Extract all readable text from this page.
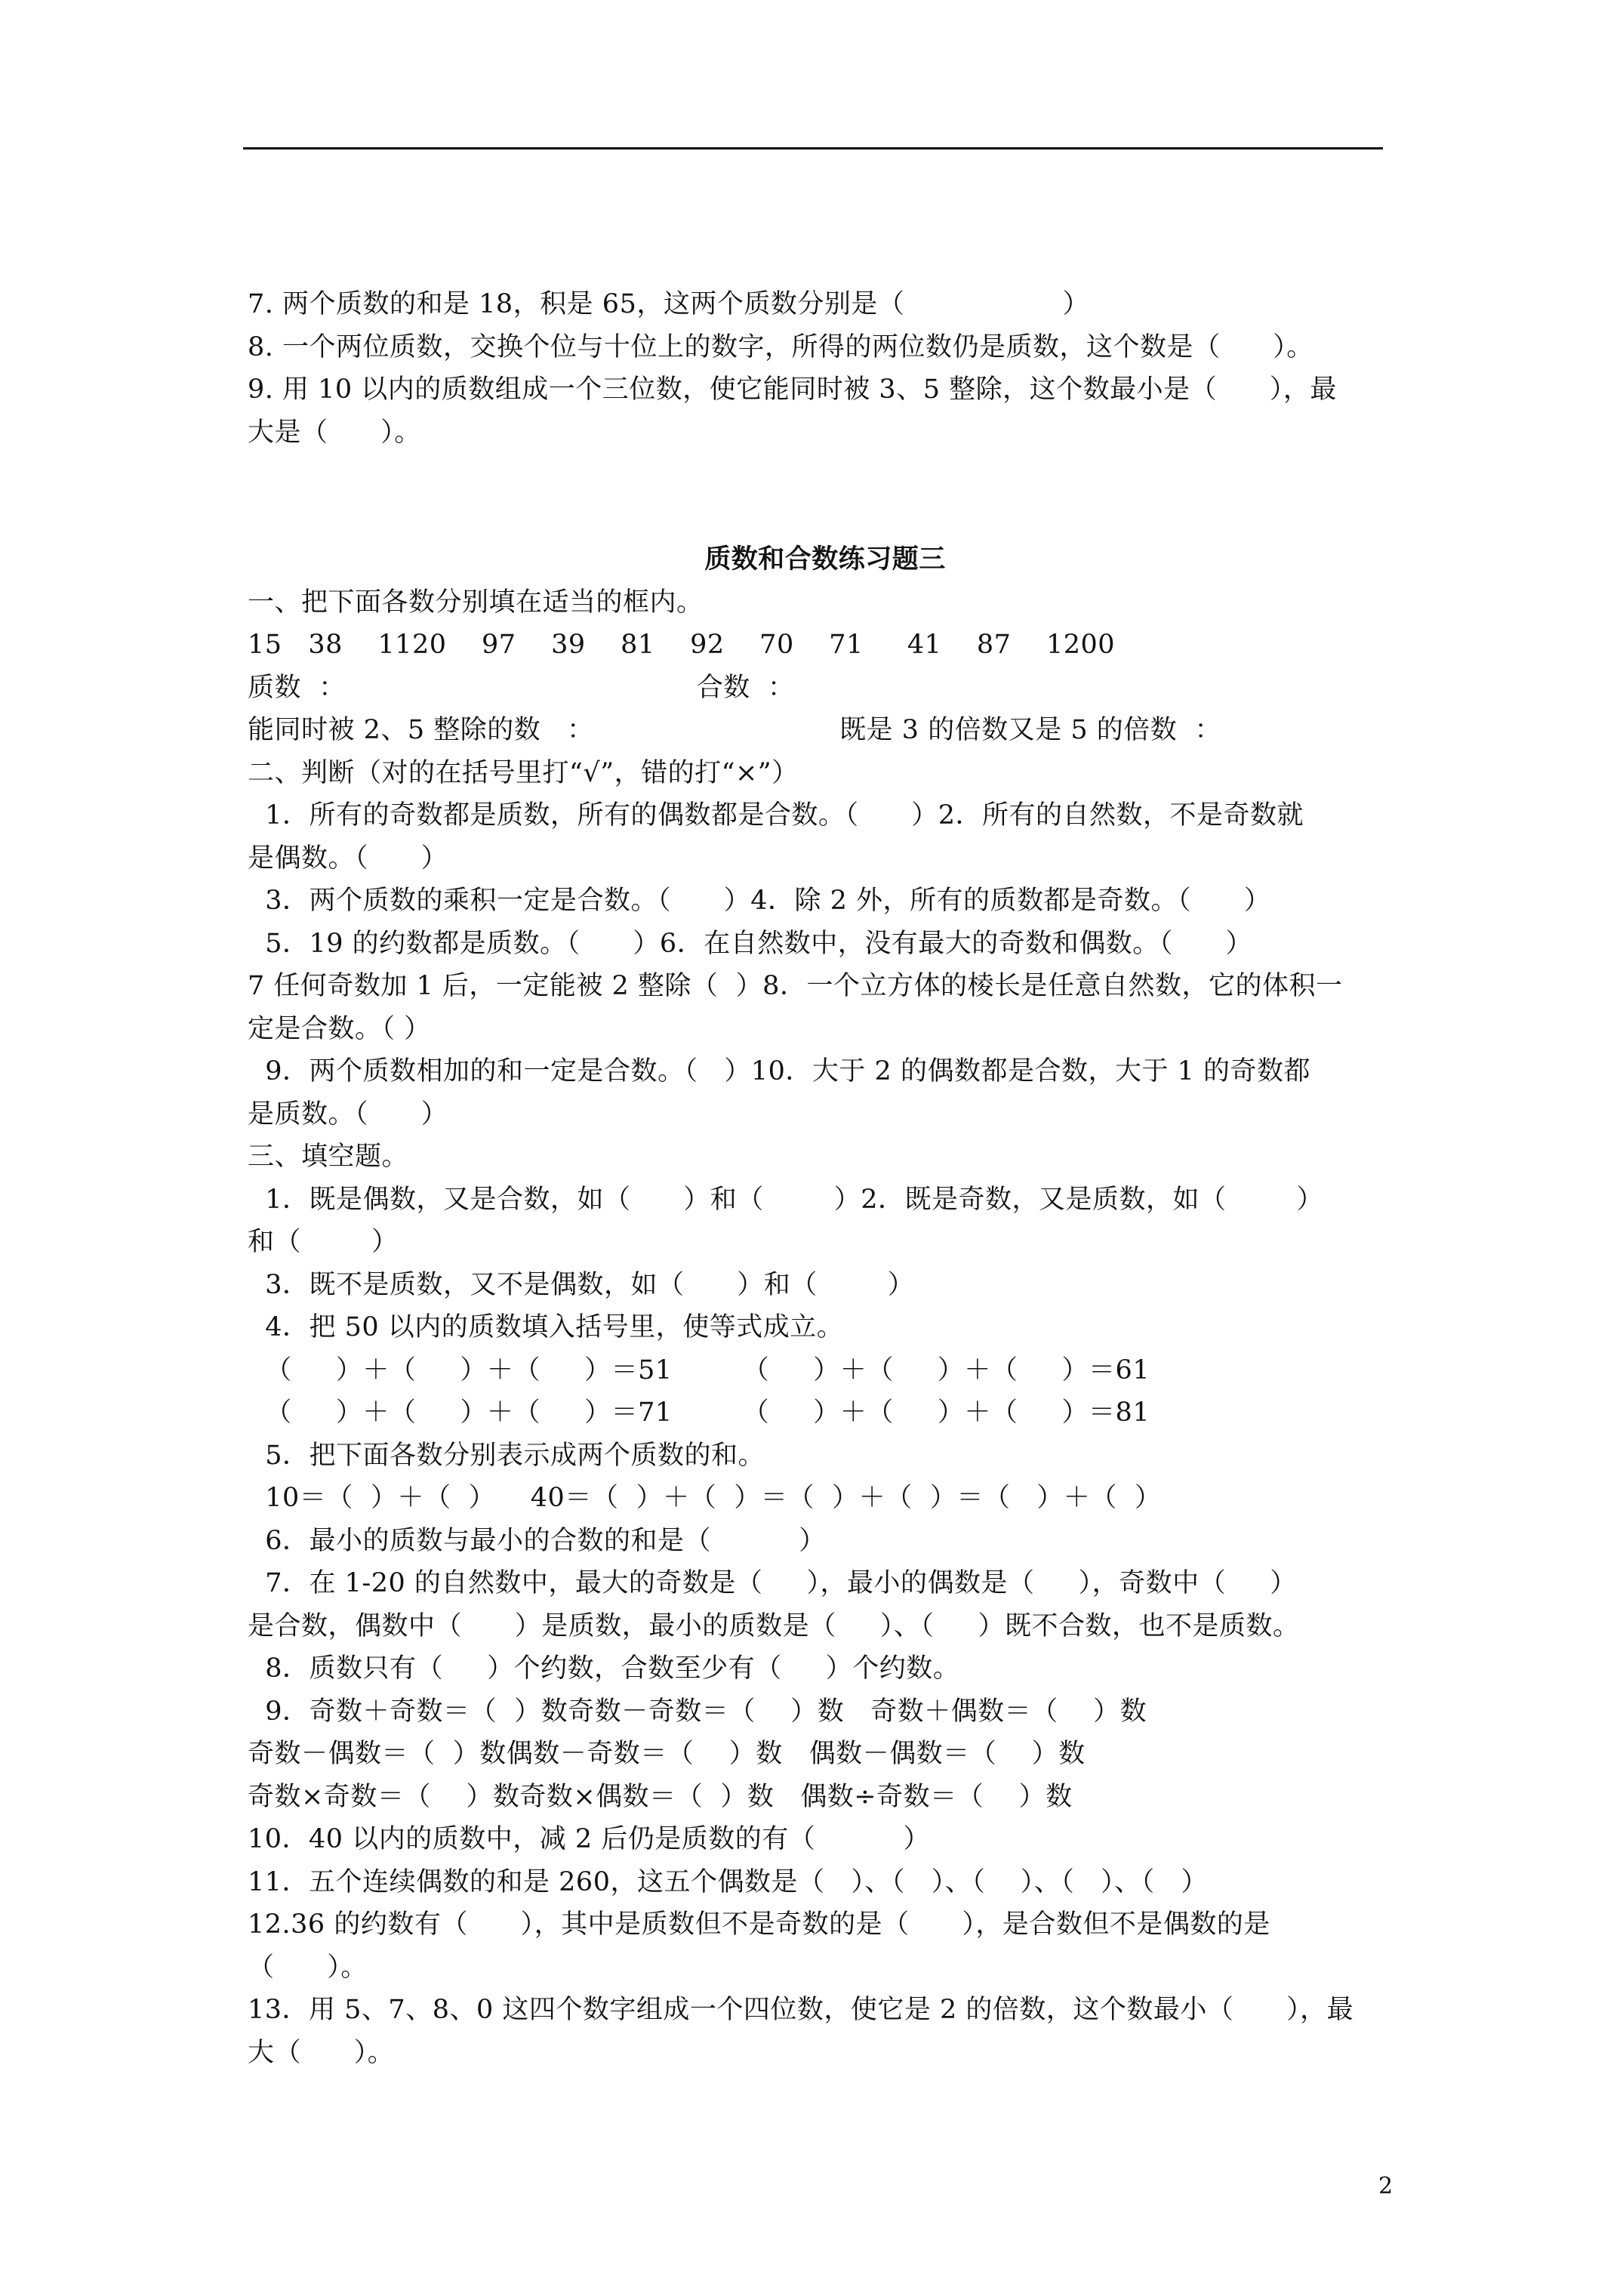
7. 两个质数的和是 18，积是 65，这两个质数分别是（                  ）
8. 一个两位质数，交换个位与十位上的数字，所得的两位数仍是质数，这个数是（      ）。
9. 用 10 以内的质数组成一个三位数，使它能同时被 3、5 整除，这个数最小是（      ），最
大是（      ）。
质数和合数练习题三
一、把下面各数分别填在适当的框内。
15   38    1120    97    39    81    92    70    71     41    87    1200
质数  ：                                        合数  ：
能同时被 2、5 整除的数   ：                            既是 3 的倍数又是 5 的倍数  ：
二、判断（对的在括号里打“√”，错的打“×”）
1．所有的奇数都是质数，所有的偶数都是合数。（      ）2．所有的自然数，不是奇数就
是偶数。（      ）
3．两个质数的乘积一定是合数。（      ）4．除 2 外，所有的质数都是奇数。（      ）
5．19 的约数都是质数。（      ）6．在自然数中，没有最大的奇数和偶数。（      ）
7 任何奇数加 1 后，一定能被 2 整除（  ）8．一个立方体的棱长是任意自然数，它的体积一
定是合数。（ ）
9．两个质数相加的和一定是合数。（   ）10．大于 2 的偶数都是合数，大于 1 的奇数都
是质数。（      ）
三、填空题。
1．既是偶数，又是合数，如（      ）和（        ）2．既是奇数，又是质数，如（        ）
和（        ）
3．既不是质数，又不是偶数，如（      ）和（        ）
4．把 50 以内的质数填入括号里，使等式成立。
（     ）＋（     ）＋（     ）＝51        （     ）＋（     ）＋（     ）＝61
（     ）＋（     ）＋（     ）＝71        （     ）＋（     ）＋（     ）＝81
5．把下面各数分别表示成两个质数的和。
10＝（  ）＋（  ）    40＝（  ）＋（  ）＝（  ）＋（  ）＝（   ）＋（  ）
6．最小的质数与最小的合数的和是（          ）
7．在 1-20 的自然数中，最大的奇数是（     ），最小的偶数是（     ），奇数中（     ）
是合数，偶数中（      ）是质数，最小的质数是（     ）、（     ）既不合数，也不是质数。
8．质数只有（     ）个约数，合数至少有（     ）个约数。
9．奇数＋奇数＝（  ）数奇数－奇数＝（    ）数   奇数＋偶数＝（    ）数
奇数－偶数＝（  ）数偶数－奇数＝（    ）数   偶数－偶数＝（    ）数
奇数×奇数＝（    ）数奇数×偶数＝（  ）数   偶数÷奇数＝（    ）数
10．40 以内的质数中，减 2 后仍是质数的有（          ）
11．五个连续偶数的和是 260，这五个偶数是（   ）、（   ）、（    ）、（   ）、（   ）
12.36 的约数有（      ），其中是质数但不是奇数的是（      ），是合数但不是偶数的是
（      ）。
13．用 5、7、8、0 这四个数字组成一个四位数，使它是 2 的倍数，这个数最小（      ），最
大（      ）。
2
